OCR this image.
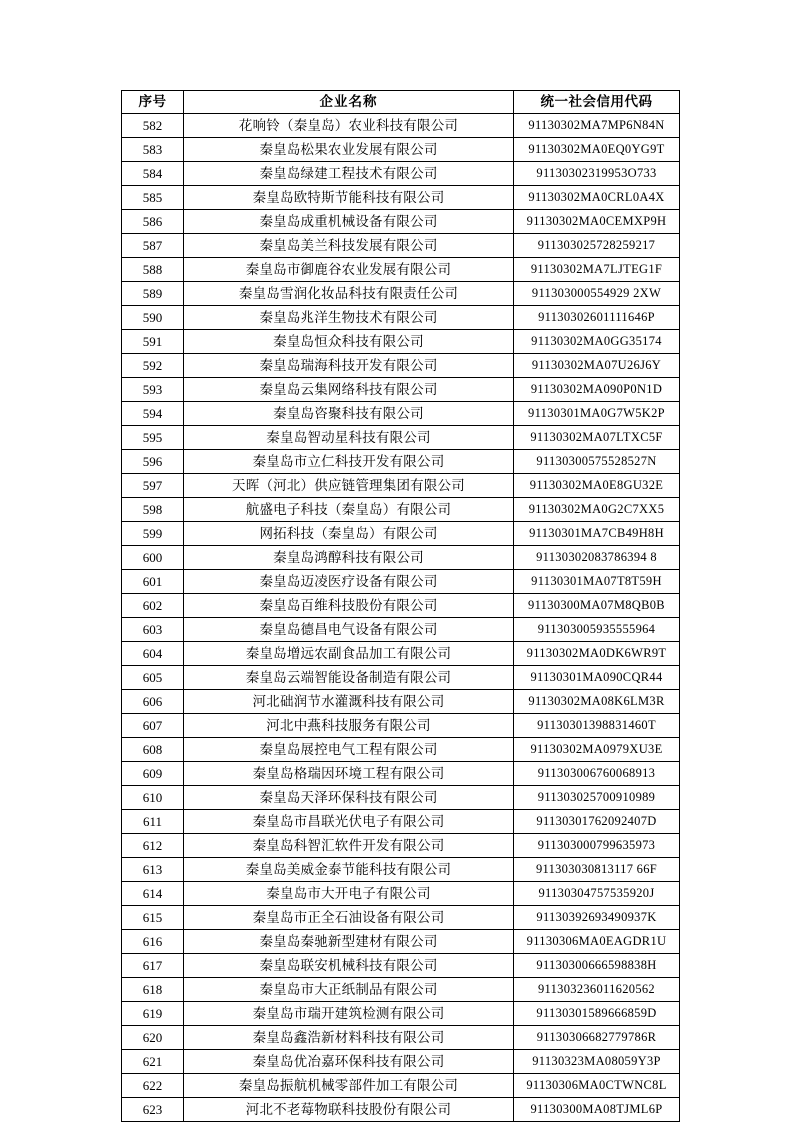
序号	企业名称	统一社会信用代码
582	花响铃（秦皇岛）农业科技有限公司	91130302MA7MP6N84N
583	秦皇岛松果农业发展有限公司	91130302MA0EQ0YG9T
584	秦皇岛绿建工程技术有限公司	91130302319953O733
585	秦皇岛欧特斯节能科技有限公司	91130302MA0CRL0A4X
586	秦皇岛成重机械设备有限公司	91130302MA0CEMXP9H
587	秦皇岛美兰科技发展有限公司	911303025728259217
588	秦皇岛市御鹿谷农业发展有限公司	91130302MA7LJTEG1F
589	秦皇岛雪润化妆品科技有限责任公司	911303000554929 2XW
590	秦皇岛兆洋生物技术有限公司	91130302601111646P
591	秦皇岛恒众科技有限公司	91130302MA0GG35174
592	秦皇岛瑞海科技开发有限公司	91130302MA07U26J6Y
593	秦皇岛云集网络科技有限公司	91130302MA090P0N1D
594	秦皇岛咨聚科技有限公司	91130301MA0G7W5K2P
595	秦皇岛智动星科技有限公司	91130302MA07LTXC5F
596	秦皇岛市立仁科技开发有限公司	91130300575528527N
597	天晖（河北）供应链管理集团有限公司	91130302MA0E8GU32E
598	航盛电子科技（秦皇岛）有限公司	91130302MA0G2C7XX5
599	网拓科技（秦皇岛）有限公司	91130301MA7CB49H8H
600	秦皇岛鸿醇科技有限公司	91130302083786394 8
601	秦皇岛迈凌医疗设备有限公司	91130301MA07T8T59H
602	秦皇岛百维科技股份有限公司	91130300MA07M8QB0B
603	秦皇岛德昌电气设备有限公司	911303005935555964
604	秦皇岛增远农副食品加工有限公司	91130302MA0DK6WR9T
605	秦皇岛云端智能设备制造有限公司	91130301MA090CQR44
606	河北础润节水灌溉科技有限公司	91130302MA08K6LM3R
607	河北中燕科技服务有限公司	91130301398831460T
608	秦皇岛展控电气工程有限公司	91130302MA0979XU3E
609	秦皇岛格瑞因环境工程有限公司	911303006760068913
610	秦皇岛天泽环保科技有限公司	911303025700910989
611	秦皇岛市昌联光伏电子有限公司	91130301762092407D
612	秦皇岛科智汇软件开发有限公司	911303000799635973
613	秦皇岛美威金泰节能科技有限公司	911303030813117 66F
614	秦皇岛市大开电子有限公司	91130304757535920J
615	秦皇岛市正全石油设备有限公司	91130392693490937K
616	秦皇岛秦驰新型建材有限公司	91130306MA0EAGDR1U
617	秦皇岛联安机械科技有限公司	91130300666598838H
618	秦皇岛市大正纸制品有限公司	911303236011620562
619	秦皇岛市瑞开建筑检测有限公司	91130301589666859D
620	秦皇岛鑫浩新材料科技有限公司	91130306682779786R
621	秦皇岛优冶嘉环保科技有限公司	91130323MA08059Y3P
622	秦皇岛振航机械零部件加工有限公司	91130306MA0CTWNC8L
623	河北不老莓物联科技股份有限公司	91130300MA08TJML6P
